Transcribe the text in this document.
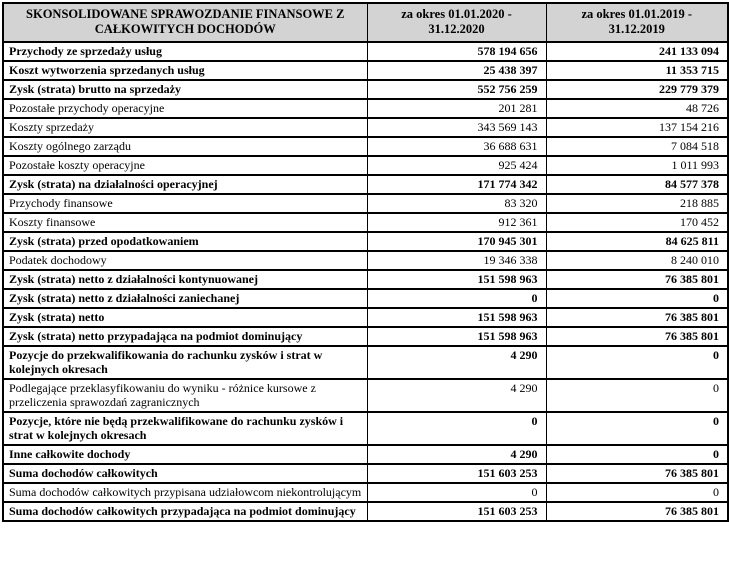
SKONSOLIDOWANE SPRAWOZDANIE FINANSOWE Z CAŁKOWITYCH DOCHODÓW	za okres 01.01.2020 - 31.12.2020	za okres 01.01.2019 - 31.12.2019
Przychody ze sprzedaży usług	578 194 656	241 133 094
Koszt wytworzenia sprzedanych usług	25 438 397	11 353 715
Zysk (strata) brutto na sprzedaży	552 756 259	229 779 379
Pozostałe przychody operacyjne	201 281	48 726
Koszty sprzedaży	343 569 143	137 154 216
Koszty ogólnego zarządu	36 688 631	7 084 518
Pozostałe koszty operacyjne	925 424	1 011 993
Zysk (strata) na działalności operacyjnej	171 774 342	84 577 378
Przychody finansowe	83 320	218 885
Koszty finansowe	912 361	170 452
Zysk (strata) przed opodatkowaniem	170 945 301	84 625 811
Podatek dochodowy	19 346 338	8 240 010
Zysk (strata) netto z działalności kontynuowanej	151 598 963	76 385 801
Zysk (strata) netto z działalności zaniechanej	0	0
Zysk (strata) netto	151 598 963	76 385 801
Zysk (strata) netto przypadająca na podmiot dominujący	151 598 963	76 385 801
Pozycje do przekwalifikowania do rachunku zysków i strat w kolejnych okresach	4 290	0
Podlegające przeklasyfikowaniu do wyniku - różnice kursowe z przeliczenia sprawozdań zagranicznych	4 290	0
Pozycje, które nie będą przekwalifikowane do rachunku zysków i strat w kolejnych okresach	0	0
Inne całkowite dochody	4 290	0
Suma dochodów całkowitych	151 603 253	76 385 801
Suma dochodów całkowitych przypisana udziałowcom niekontrolującym	0	0
Suma dochodów całkowitych przypadająca na podmiot dominujący	151 603 253	76 385 801
